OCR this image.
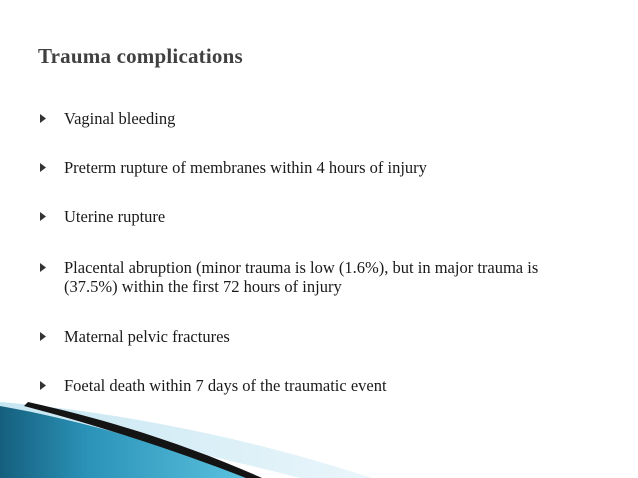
Trauma complications
Vaginal bleeding
Preterm rupture of membranes within 4 hours of injury
Uterine rupture
Placental abruption (minor trauma is low (1.6%), but in major trauma is (37.5%) within the first 72 hours of injury
Maternal pelvic fractures
Foetal death within 7 days of the traumatic event
